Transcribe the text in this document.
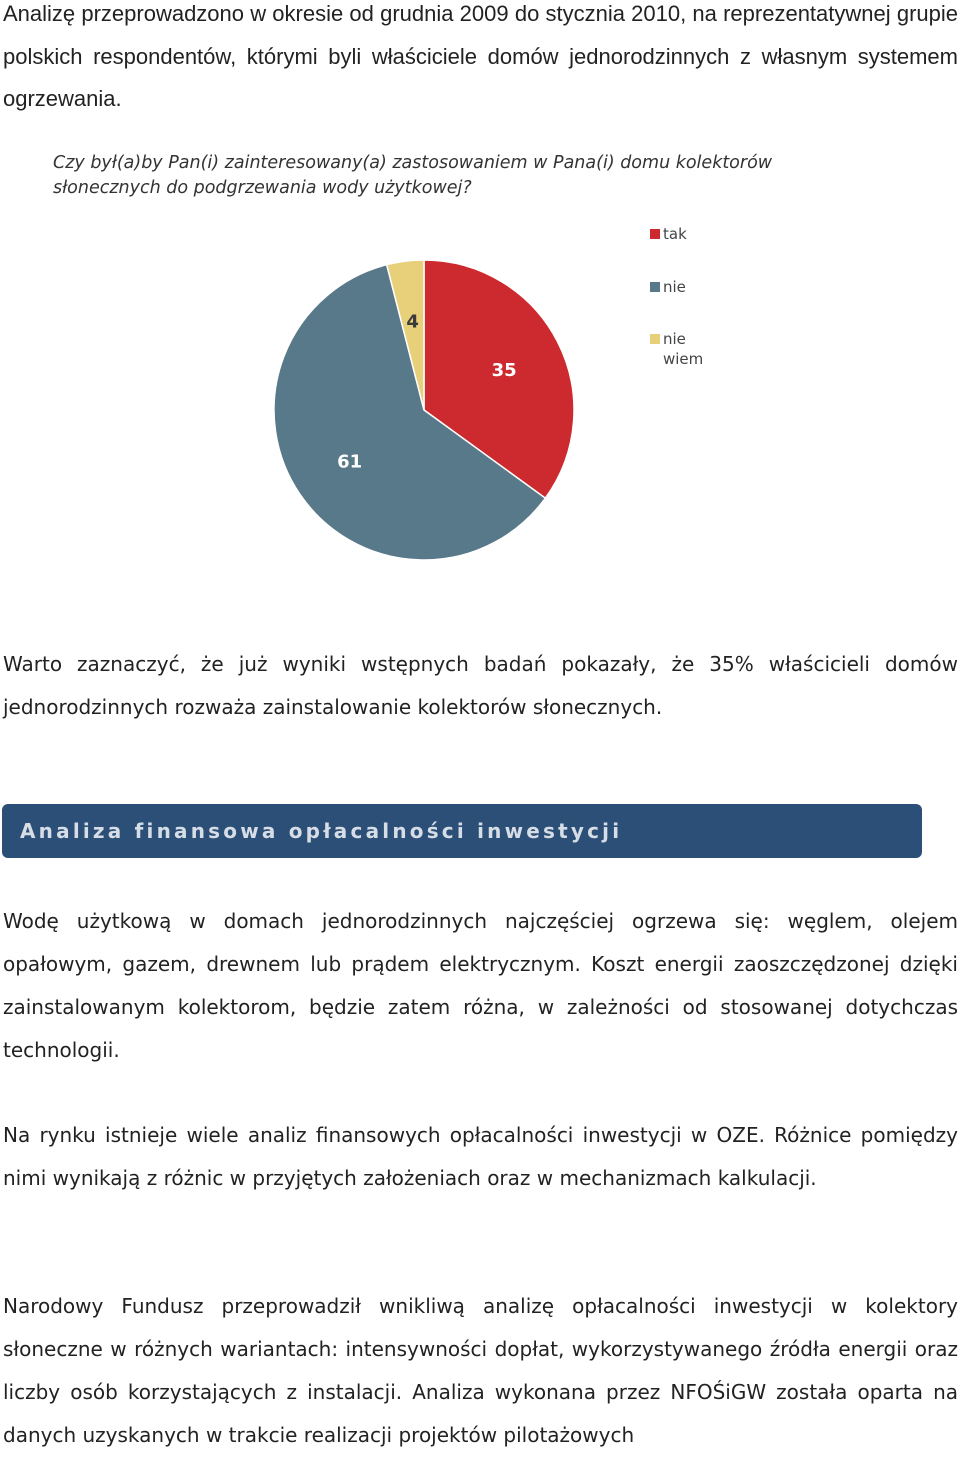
Analizę przeprowadzono w okresie od grudnia 2009 do stycznia 2010, na reprezentatywnej grupie polskich respondentów, którymi byli właściciele domów jednorodzinnych z własnym systemem ogrzewania.

Czy był(a)by Pan(i) zainteresowany(a) zastosowaniem w Pana(i) domu kolektorów słonecznych do podgrzewania wody użytkowej?

35
61
4
tak
nie
nie wiem

Warto zaznaczyć, że już wyniki wstępnych badań pokazały, że 35% właścicieli domów jednorodzinnych rozważa zainstalowanie kolektorów słonecznych.

Analiza finansowa opłacalności inwestycji

Wodę użytkową w domach jednorodzinnych najczęściej ogrzewa się: węglem, olejem opałowym, gazem, drewnem lub prądem elektrycznym. Koszt energii zaoszczędzonej dzięki zainstalowanym kolektorom, będzie zatem różna, w zależności od stosowanej dotychczas technologii.

Na rynku istnieje wiele analiz finansowych opłacalności inwestycji w OZE. Różnice pomiędzy nimi wynikają z różnic w przyjętych założeniach oraz w mechanizmach kalkulacji.

Narodowy Fundusz przeprowadził wnikliwą analizę opłacalności inwestycji w kolektory słoneczne w różnych wariantach: intensywności dopłat, wykorzystywanego źródła energii oraz liczby osób korzystających z instalacji. Analiza wykonana przez NFOŚiGW została oparta na danych uzyskanych w trakcie realizacji projektów pilotażowych
